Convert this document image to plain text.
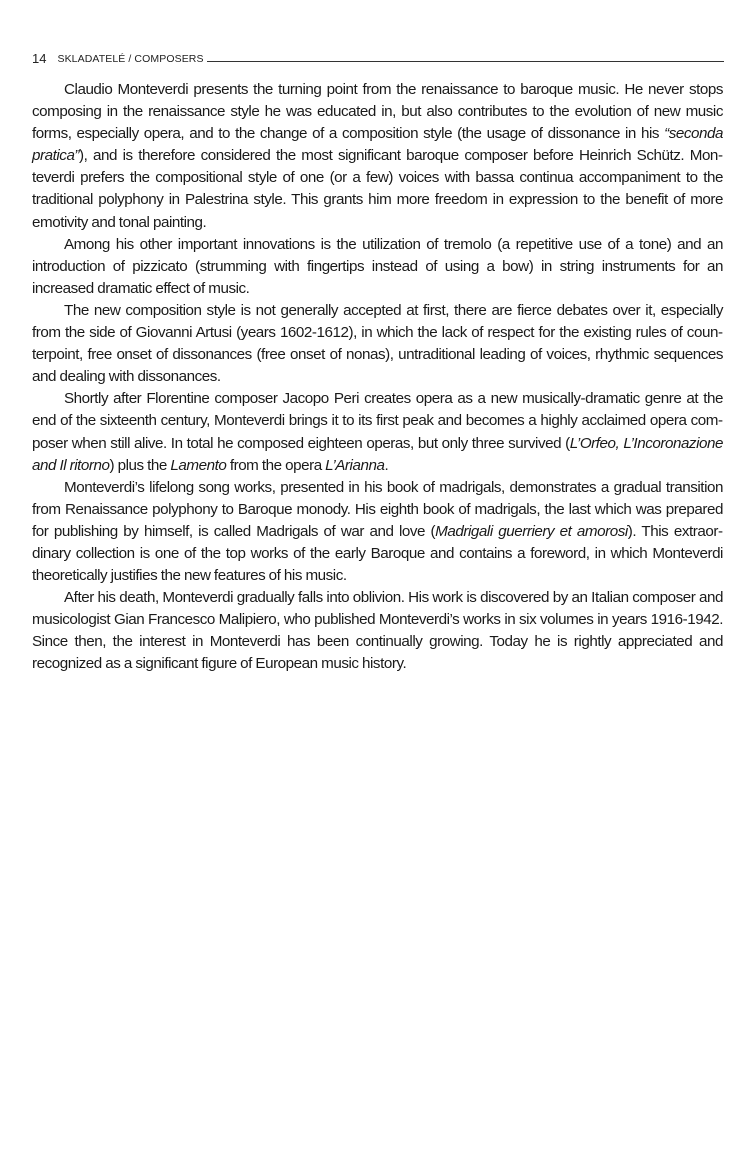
14 SKLADATELÉ / COMPOSERS

Claudio Monteverdi presents the turning point from the renaissance to baroque music. He never stops composing in the renaissance style he was educated in, but also contributes to the evolution of new music forms, especially opera, and to the change of a composition style (the usage of dissonance in his “seconda pratica”), and is therefore considered the most significant baroque composer before Heinrich Schütz. Monteverdi prefers the compositional style of one (or a few) voices with bassa continua accompaniment to the traditional polyphony in Palestrina style. This grants him more freedom in expression to the benefit of more emotivity and tonal painting.

Among his other important innovations is the utilization of tremolo (a repetitive use of a tone) and an introduction of pizzicato (strumming with fingertips instead of using a bow) in string instruments for an increased dramatic effect of music.

The new composition style is not generally accepted at first, there are fierce debates over it, especially from the side of Giovanni Artusi (years 1602-1612), in which the lack of respect for the existing rules of counterpoint, free onset of dissonances (free onset of nonas), untraditional leading of voices, rhythmic sequences and dealing with dissonances.

Shortly after Florentine composer Jacopo Peri creates opera as a new musically-dramatic genre at the end of the sixteenth century, Monteverdi brings it to its first peak and becomes a highly acclaimed opera composer when still alive. In total he composed eighteen operas, but only three survived (L’Orfeo, L’Incoronazione and Il ritorno) plus the Lamento from the opera L’Arianna.

Monteverdi’s lifelong song works, presented in his book of madrigals, demonstrates a gradual transition from Renaissance polyphony to Baroque monody. His eighth book of madrigals, the last which was prepared for publishing by himself, is called Madrigals of war and love (Madrigali guerriery et amorosi). This extraordinary collection is one of the top works of the early Baroque and contains a foreword, in which Monteverdi theoretically justifies the new features of his music.

After his death, Monteverdi gradually falls into oblivion. His work is discovered by an Italian composer and musicologist Gian Francesco Malipiero, who published Monteverdi’s works in six volumes in years 1916-1942. Since then, the interest in Monteverdi has been continually growing. Today he is rightly appreciated and recognized as a significant figure of European music history.
